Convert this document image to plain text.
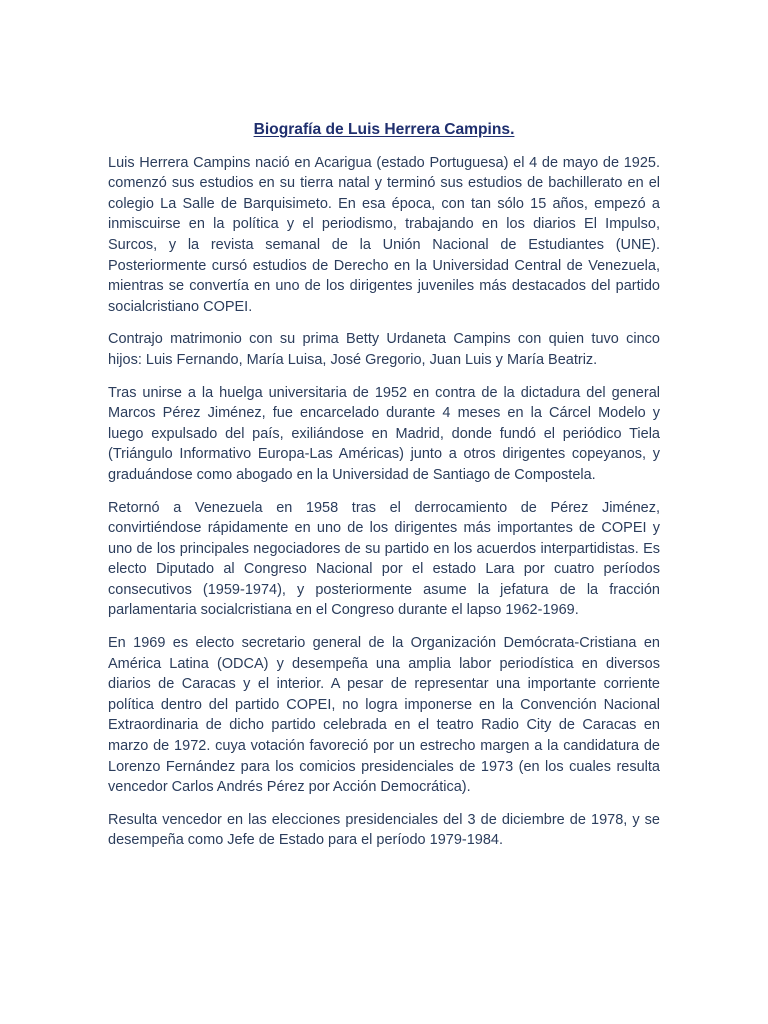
Biografía de Luis Herrera Campins.

Luis Herrera Campins nació en Acarigua (estado Portuguesa) el 4 de mayo de 1925. comenzó sus estudios en su tierra natal y terminó sus estudios de bachillerato en el colegio La Salle de Barquisimeto. En esa época, con tan sólo 15 años, empezó a inmiscuirse en la política y el periodismo, trabajando en los diarios El Impulso, Surcos, y la revista semanal de la Unión Nacional de Estudiantes (UNE). Posteriormente cursó estudios de Derecho en la Universidad Central de Venezuela, mientras se convertía en uno de los dirigentes juveniles más destacados del partido socialcristiano COPEI.

Contrajo matrimonio con su prima Betty Urdaneta Campins con quien tuvo cinco hijos: Luis Fernando, María Luisa, José Gregorio, Juan Luis y María Beatriz.

Tras unirse a la huelga universitaria de 1952 en contra de la dictadura del general Marcos Pérez Jiménez, fue encarcelado durante 4 meses en la Cárcel Modelo y luego expulsado del país, exiliándose en Madrid, donde fundó el periódico Tiela (Triángulo Informativo Europa-Las Américas) junto a otros dirigentes copeyanos, y graduándose como abogado en la Universidad de Santiago de Compostela.

Retornó a Venezuela en 1958 tras el derrocamiento de Pérez Jiménez, convirtiéndose rápidamente en uno de los dirigentes más importantes de COPEI y uno de los principales negociadores de su partido en los acuerdos interpartidistas. Es electo Diputado al Congreso Nacional por el estado Lara por cuatro períodos consecutivos (1959-1974), y posteriormente asume la jefatura de la fracción parlamentaria socialcristiana en el Congreso durante el lapso 1962-1969.

En 1969 es electo secretario general de la Organización Demócrata-Cristiana en América Latina (ODCA) y desempeña una amplia labor periodística en diversos diarios de Caracas y el interior. A pesar de representar una importante corriente política dentro del partido COPEI, no logra imponerse en la Convención Nacional Extraordinaria de dicho partido celebrada en el teatro Radio City de Caracas en marzo de 1972. cuya votación favoreció por un estrecho margen a la candidatura de Lorenzo Fernández para los comicios presidenciales de 1973 (en los cuales resulta vencedor Carlos Andrés Pérez por Acción Democrática).

Resulta vencedor en las elecciones presidenciales del 3 de diciembre de 1978, y se desempeña como Jefe de Estado para el período 1979-1984.
